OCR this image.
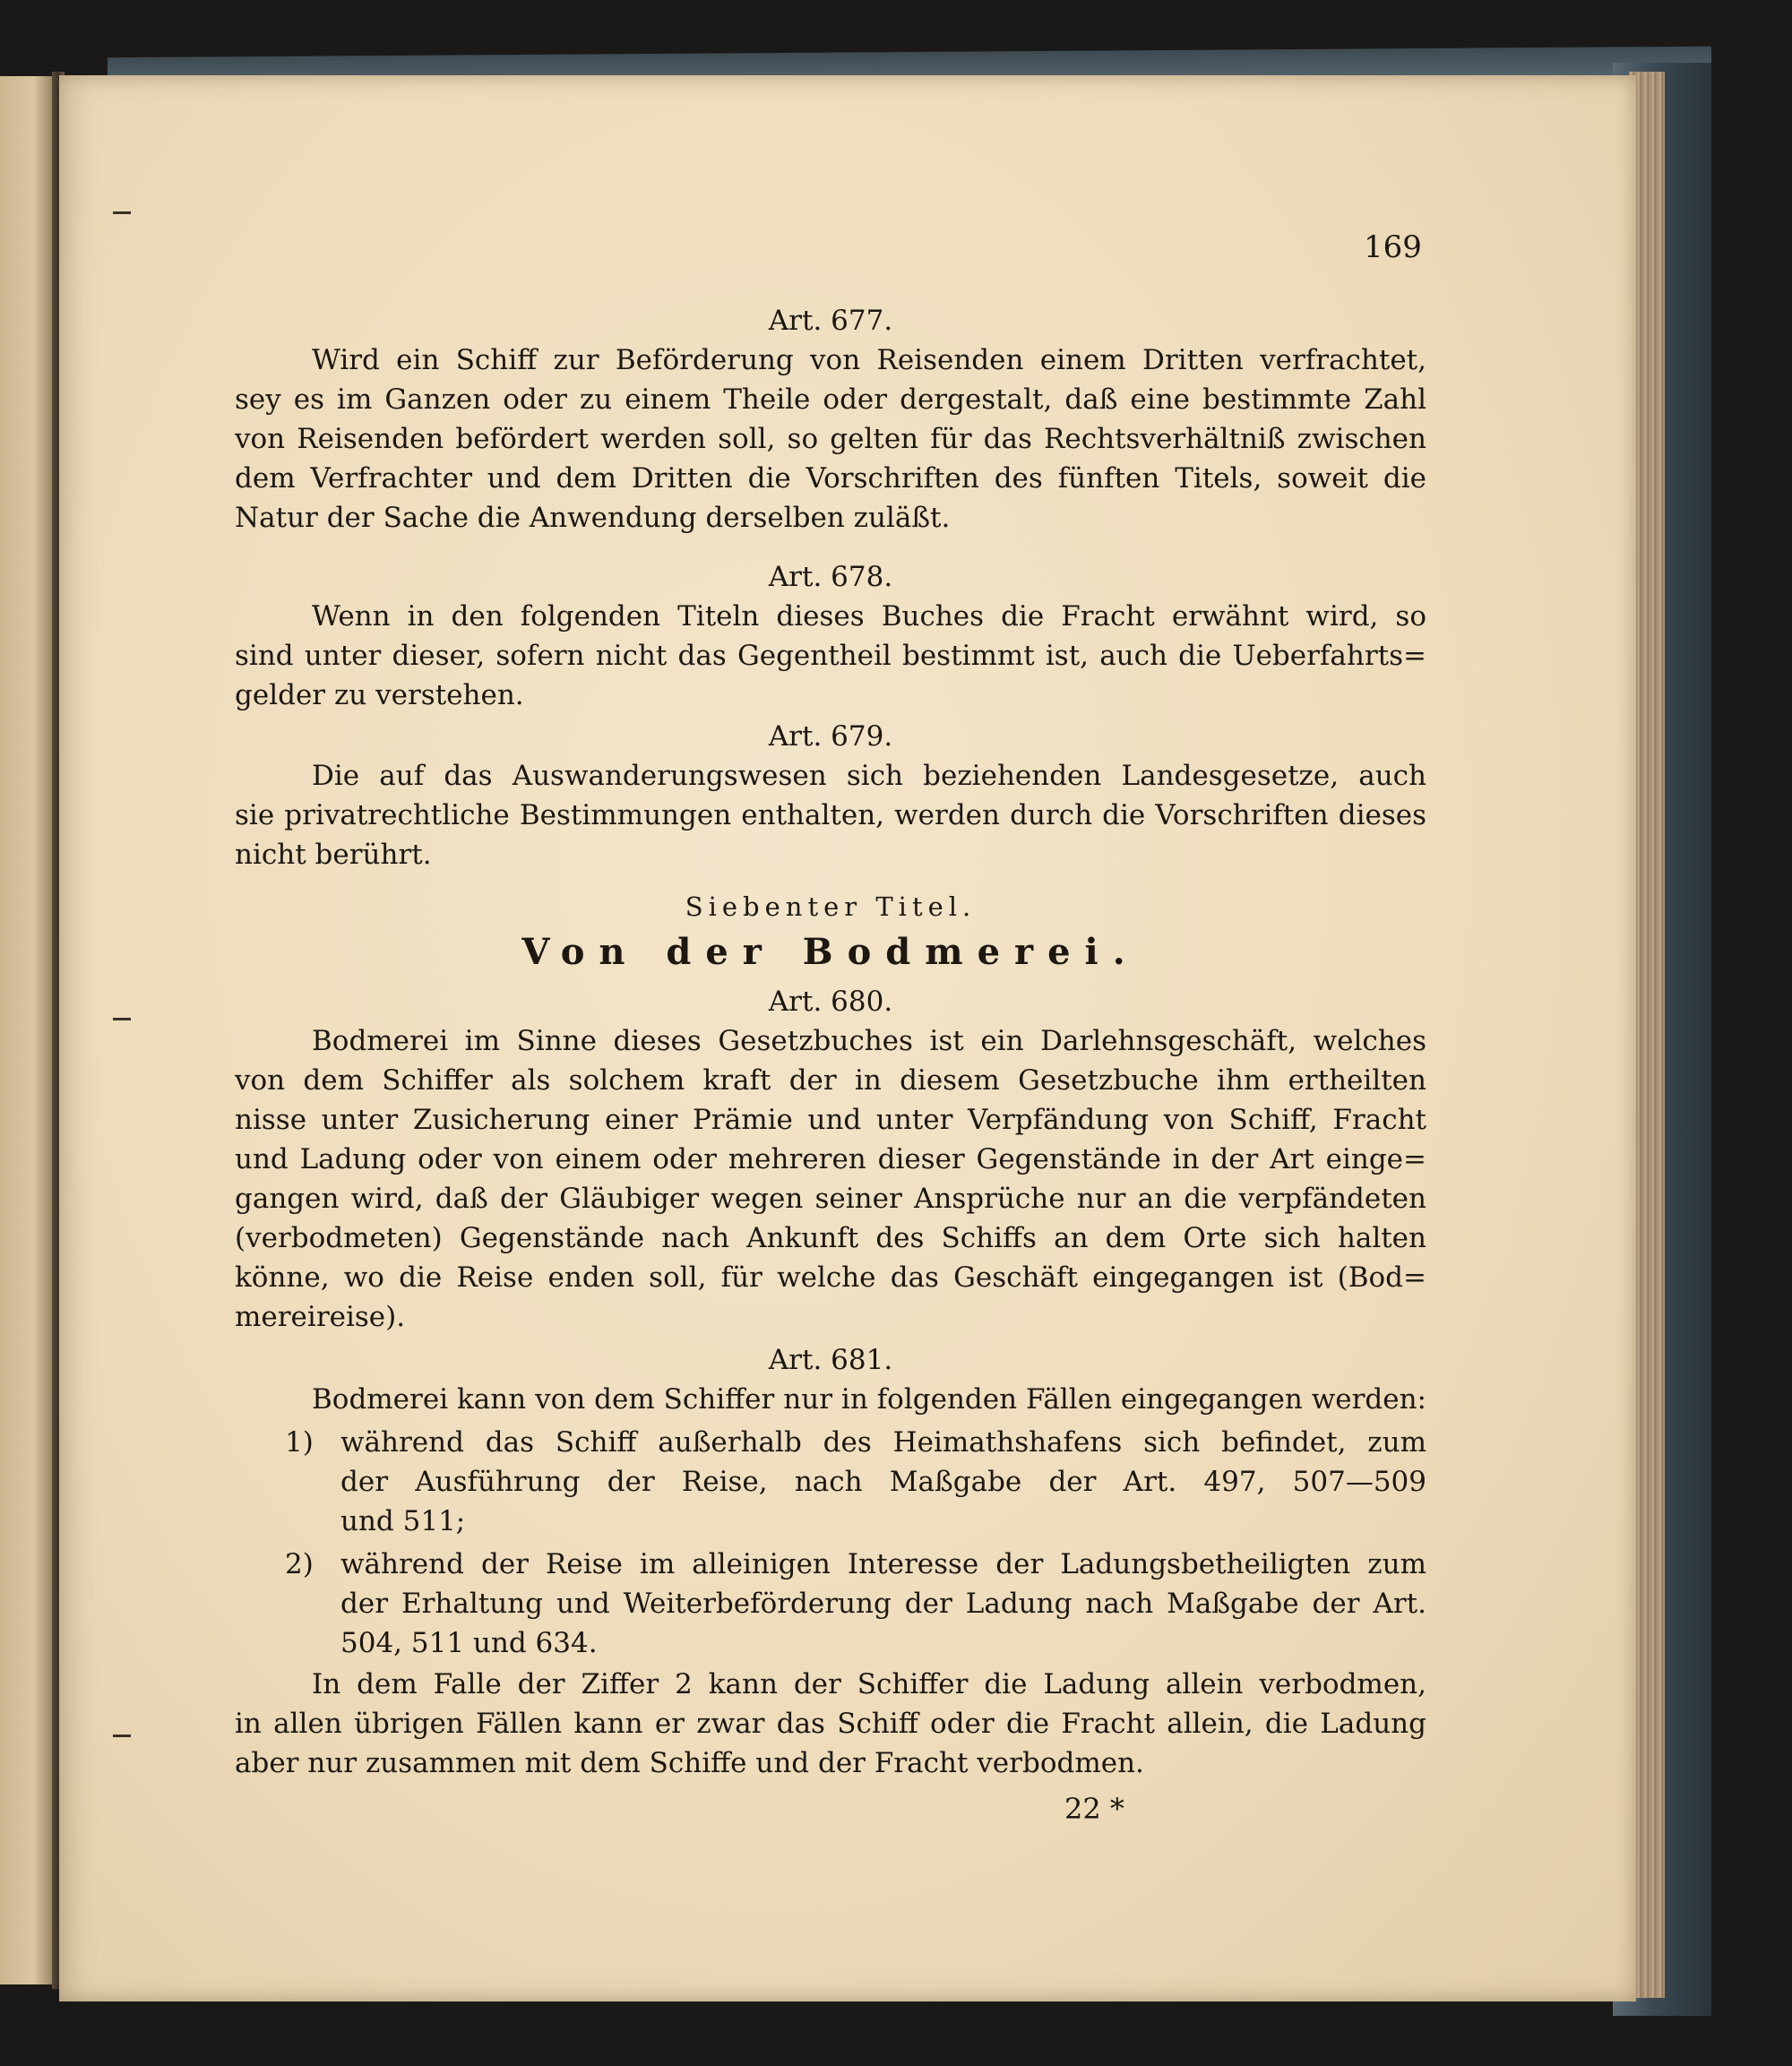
169
Art. 677.
Wird ein Schiff zur Beförderung von Reisenden einem Dritten verfrachtet,
sey es im Ganzen oder zu einem Theile oder dergestalt, daß eine bestimmte Zahl
von Reisenden befördert werden soll, so gelten für das Rechtsverhältniß zwischen
dem Verfrachter und dem Dritten die Vorschriften des fünften Titels, soweit die
Natur der Sache die Anwendung derselben zuläßt.
Art. 678.
Wenn in den folgenden Titeln dieses Buches die Fracht erwähnt wird, so
sind unter dieser, sofern nicht das Gegentheil bestimmt ist, auch die Ueberfahrts=
gelder zu verstehen.
Art. 679.
Die auf das Auswanderungswesen sich beziehenden Landesgesetze, auch
sie privatrechtliche Bestimmungen enthalten, werden durch die Vorschriften dieses
nicht berührt.
Siebenter Titel.
Von der Bodmerei.
Art. 680.
Bodmerei im Sinne dieses Gesetzbuches ist ein Darlehnsgeschäft, welches
von dem Schiffer als solchem kraft der in diesem Gesetzbuche ihm ertheilten
nisse unter Zusicherung einer Prämie und unter Verpfändung von Schiff, Fracht
und Ladung oder von einem oder mehreren dieser Gegenstände in der Art einge=
gangen wird, daß der Gläubiger wegen seiner Ansprüche nur an die verpfändeten
(verbodmeten) Gegenstände nach Ankunft des Schiffs an dem Orte sich halten
könne, wo die Reise enden soll, für welche das Geschäft eingegangen ist (Bod=
mereireise).
Art. 681.
Bodmerei kann von dem Schiffer nur in folgenden Fällen eingegangen werden:
1) während das Schiff außerhalb des Heimathshafens sich befindet, zum
der Ausführung der Reise, nach Maßgabe der Art. 497, 507—509
und 511;
2) während der Reise im alleinigen Interesse der Ladungsbetheiligten zum
der Erhaltung und Weiterbeförderung der Ladung nach Maßgabe der Art.
504, 511 und 634.
In dem Falle der Ziffer 2 kann der Schiffer die Ladung allein verbodmen,
in allen übrigen Fällen kann er zwar das Schiff oder die Fracht allein, die Ladung
aber nur zusammen mit dem Schiffe und der Fracht verbodmen.
22 *
